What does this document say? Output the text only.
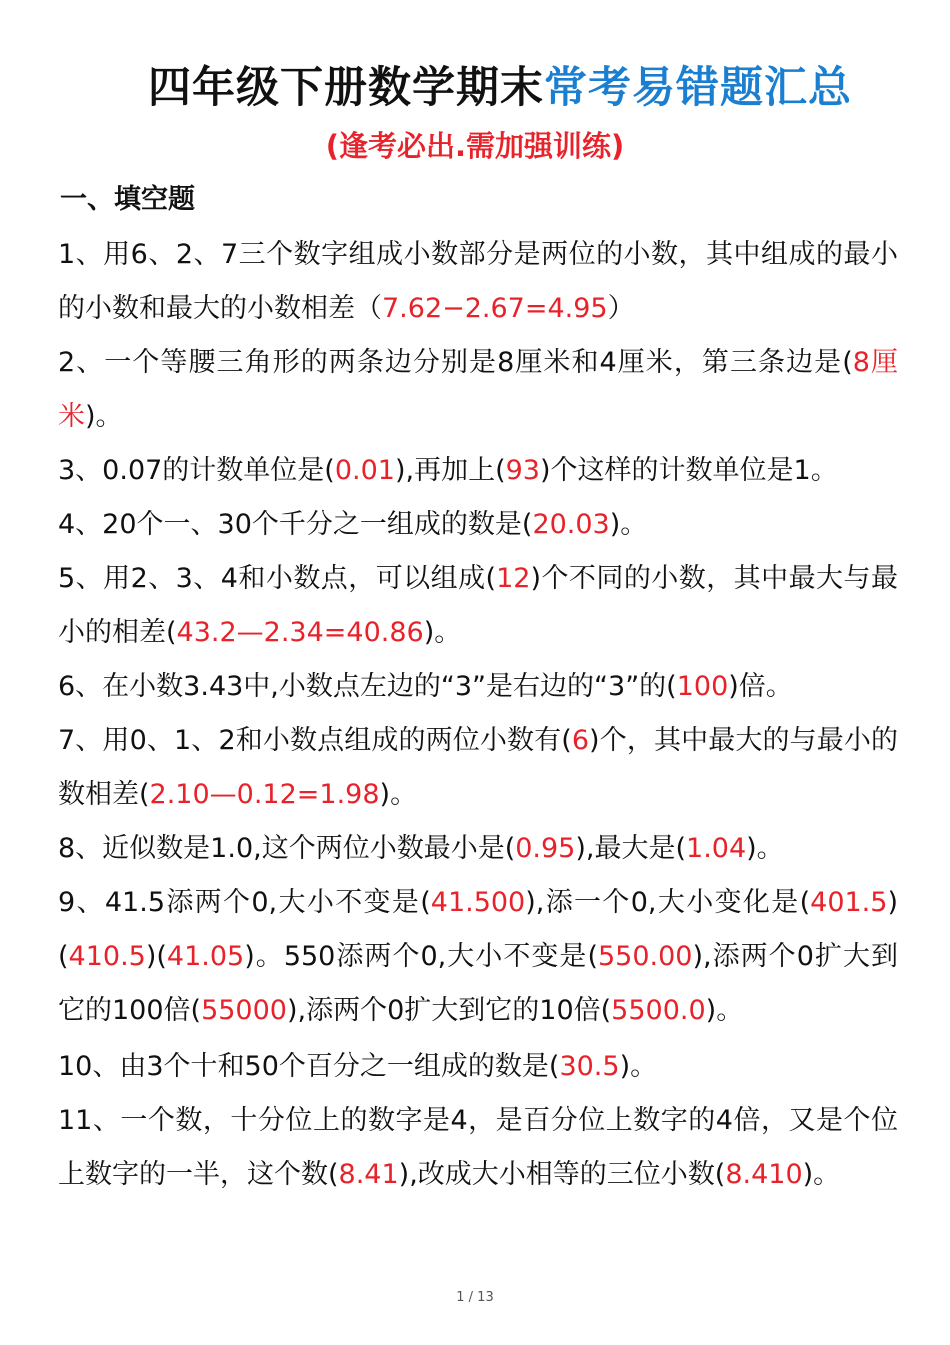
四年级下册数学期末常考易错题汇总
(逢考必出.需加强训练)
一、填空题
1、用6、2、7三个数字组成小数部分是两位的小数，其中组成的最小的小数和最大的小数相差（7.62−2.67=4.95）
2、一个等腰三角形的两条边分别是8厘米和4厘米，第三条边是(8厘米)。
3、0.07的计数单位是(0.01),再加上(93)个这样的计数单位是1。
4、20个一、30个千分之一组成的数是(20.03)。
5、用2、3、4和小数点，可以组成(12)个不同的小数，其中最大与最小的相差(43.2—2.34=40.86)。
6、在小数3.43中,小数点左边的“3”是右边的“3”的(100)倍。
7、用0、1、2和小数点组成的两位小数有(6)个，其中最大的与最小的数相差(2.10—0.12=1.98)。
8、近似数是1.0,这个两位小数最小是(0.95),最大是(1.04)。
9、41.5添两个0,大小不变是(41.500),添一个0,大小变化是(401.5)(410.5)(41.05)。550添两个0,大小不变是(550.00),添两个0扩大到它的100倍(55000),添两个0扩大到它的10倍(5500.0)。
10、由3个十和50个百分之一组成的数是(30.5)。
11、一个数，十分位上的数字是4，是百分位上数字的4倍，又是个位上数字的一半，这个数(8.41),改成大小相等的三位小数(8.410)。
1 / 13
